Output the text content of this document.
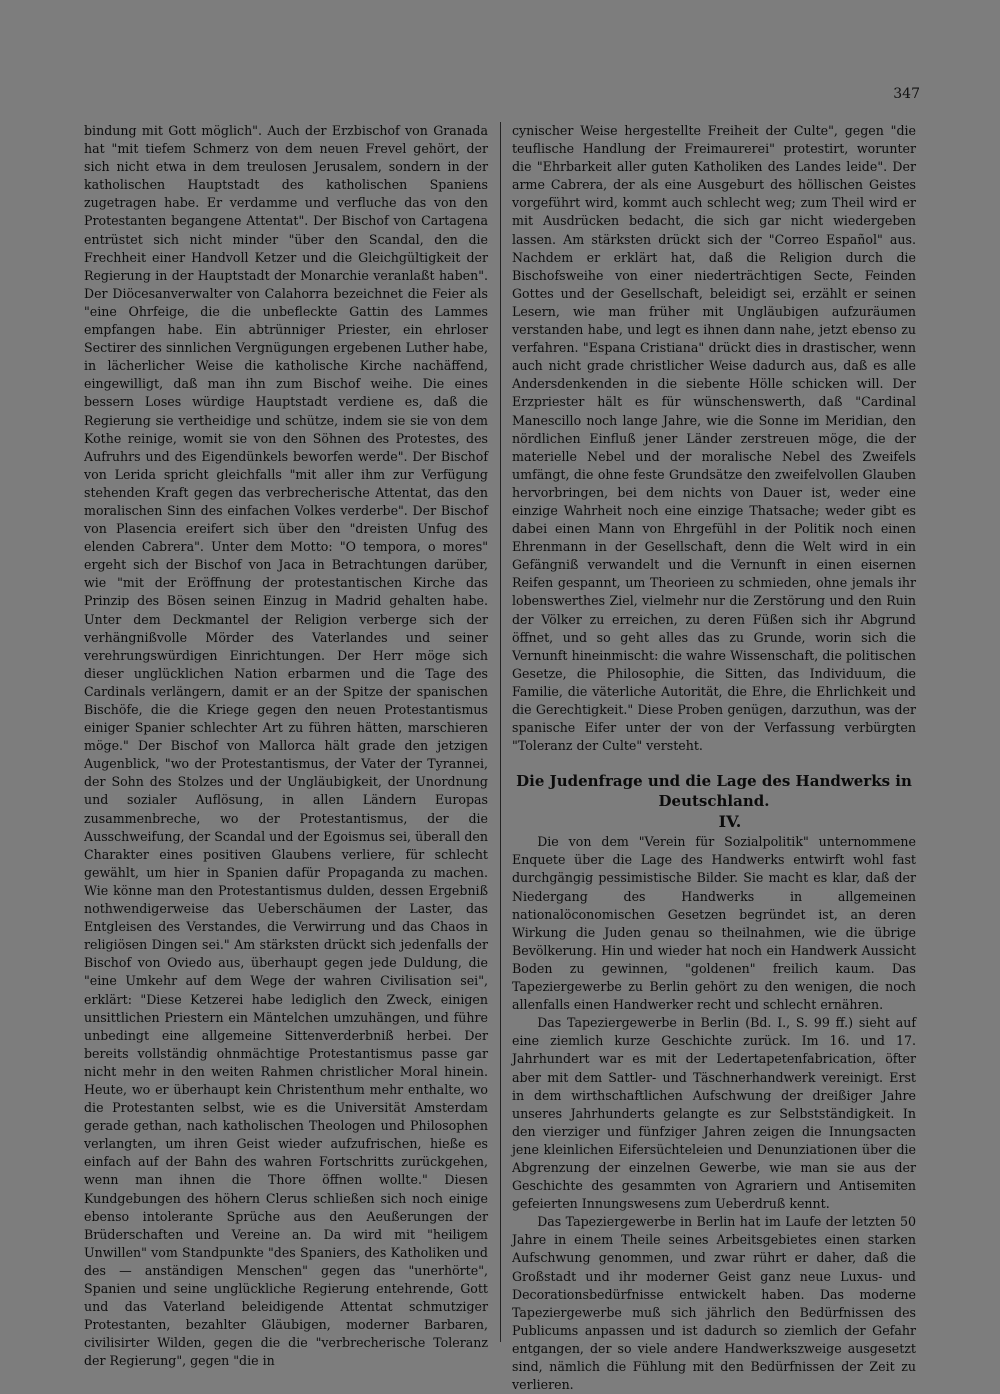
347

bindung mit Gott möglich". Auch der Erzbischof von Granada hat "mit tiefem Schmerz von dem neuen Frevel gehört, der sich nicht etwa in dem treulosen Jerusalem, sondern in der katholischen Hauptstadt des katholischen Spaniens zugetragen habe. Er verdamme und verfluche das von den Protestanten begangene Attentat". Der Bischof von Cartagena entrüstet sich nicht minder "über den Scandal, den die Frechheit einer Handvoll Ketzer und die Gleichgültigkeit der Regierung in der Hauptstadt der Monarchie veranlaßt haben". Der Diöcesanverwalter von Calahorra bezeichnet die Feier als "eine Ohrfeige, die die unbefleckte Gattin des Lammes empfangen habe. Ein abtrünniger Priester, ein ehrloser Sectirer des sinnlichen Vergnügungen ergebenen Luther habe, in lächerlicher Weise die katholische Kirche nachäffend, eingewilligt, daß man ihn zum Bischof weihe. Die eines bessern Loses würdige Hauptstadt verdiene es, daß die Regierung sie vertheidige und schütze, indem sie sie von dem Kothe reinige, womit sie von den Söhnen des Protestes, des Aufruhrs und des Eigendünkels beworfen werde". Der Bischof von Lerida spricht gleichfalls "mit aller ihm zur Verfügung stehenden Kraft gegen das verbrecherische Attentat, das den moralischen Sinn des einfachen Volkes verderbe". Der Bischof von Plasencia ereifert sich über den "dreisten Unfug des elenden Cabrera". Unter dem Motto: "O tempora, o mores" ergeht sich der Bischof von Jaca in Betrachtungen darüber, wie "mit der Eröffnung der protestantischen Kirche das Prinzip des Bösen seinen Einzug in Madrid gehalten habe. Unter dem Deckmantel der Religion verberge sich der verhängnißvolle Mörder des Vaterlandes und seiner verehrungswürdigen Einrichtungen. Der Herr möge sich dieser unglücklichen Nation erbarmen und die Tage des Cardinals verlängern, damit er an der Spitze der spanischen Bischöfe, die die Kriege gegen den neuen Protestantismus einiger Spanier schlechter Art zu führen hätten, marschieren möge." Der Bischof von Mallorca hält grade den jetzigen Augenblick, "wo der Protestantismus, der Vater der Tyrannei, der Sohn des Stolzes und der Ungläubigkeit, der Unordnung und sozialer Auflösung, in allen Ländern Europas zusammenbreche, wo der Protestantismus, der die Ausschweifung, der Scandal und der Egoismus sei, überall den Charakter eines positiven Glaubens verliere, für schlecht gewählt, um hier in Spanien dafür Propaganda zu machen. Wie könne man den Protestantismus dulden, dessen Ergebniß nothwendigerweise das Ueberschäumen der Laster, das Entgleisen des Verstandes, die Verwirrung und das Chaos in religiösen Dingen sei." Am stärksten drückt sich jedenfalls der Bischof von Oviedo aus, überhaupt gegen jede Duldung, die "eine Umkehr auf dem Wege der wahren Civilisation sei", erklärt: "Diese Ketzerei habe lediglich den Zweck, einigen unsittlichen Priestern ein Mäntelchen umzuhängen, und führe unbedingt eine allgemeine Sittenverderbniß herbei. Der bereits vollständig ohnmächtige Protestantismus passe gar nicht mehr in den weiten Rahmen christlicher Moral hinein. Heute, wo er überhaupt kein Christenthum mehr enthalte, wo die Protestanten selbst, wie es die Universität Amsterdam gerade gethan, nach katholischen Theologen und Philosophen verlangten, um ihren Geist wieder aufzufrischen, hieße es einfach auf der Bahn des wahren Fortschritts zurückgehen, wenn man ihnen die Thore öffnen wollte." Diesen Kundgebungen des höhern Clerus schließen sich noch einige ebenso intolerante Sprüche aus den Aeußerungen der Brüderschaften und Vereine an. Da wird mit "heiligem Unwillen" vom Standpunkte "des Spaniers, des Katholiken und des — anständigen Menschen" gegen das "unerhörte", Spanien und seine unglückliche Regierung entehrende, Gott und das Vaterland beleidigende Attentat schmutziger Protestanten, bezahlter Gläubigen, moderner Barbaren, civilisirter Wilden, gegen die die "verbrecherische Toleranz der Regierung", gegen "die in

cynischer Weise hergestellte Freiheit der Culte", gegen "die teuflische Handlung der Freimaurerei" protestirt, worunter die "Ehrbarkeit aller guten Katholiken des Landes leide". Der arme Cabrera, der als eine Ausgeburt des höllischen Geistes vorgeführt wird, kommt auch schlecht weg; zum Theil wird er mit Ausdrücken bedacht, die sich gar nicht wiedergeben lassen. Am stärksten drückt sich der "Correo Español" aus. Nachdem er erklärt hat, daß die Religion durch die Bischofsweihe von einer niederträchtigen Secte, Feinden Gottes und der Gesellschaft, beleidigt sei, erzählt er seinen Lesern, wie man früher mit Ungläubigen aufzuräumen verstanden habe, und legt es ihnen dann nahe, jetzt ebenso zu verfahren. "Espana Cristiana" drückt dies in drastischer, wenn auch nicht grade christlicher Weise dadurch aus, daß es alle Andersdenkenden in die siebente Hölle schicken will. Der Erzpriester hält es für wünschenswerth, daß "Cardinal Manescillo noch lange Jahre, wie die Sonne im Meridian, den nördlichen Einfluß jener Länder zerstreuen möge, die der materielle Nebel und der moralische Nebel des Zweifels umfängt, die ohne feste Grundsätze den zweifelvollen Glauben hervorbringen, bei dem nichts von Dauer ist, weder eine einzige Wahrheit noch eine einzige Thatsache; weder gibt es dabei einen Mann von Ehrgefühl in der Politik noch einen Ehrenmann in der Gesellschaft, denn die Welt wird in ein Gefängniß verwandelt und die Vernunft in einen eisernen Reifen gespannt, um Theorieen zu schmieden, ohne jemals ihr lobenswerthes Ziel, vielmehr nur die Zerstörung und den Ruin der Völker zu erreichen, zu deren Füßen sich ihr Abgrund öffnet, und so geht alles das zu Grunde, worin sich die Vernunft hineinmischt: die wahre Wissenschaft, die politischen Gesetze, die Philosophie, die Sitten, das Individuum, die Familie, die väterliche Autorität, die Ehre, die Ehrlichkeit und die Gerechtigkeit." Diese Proben genügen, darzuthun, was der spanische Eifer unter der von der Verfassung verbürgten "Toleranz der Culte" versteht.

Die Judenfrage und die Lage des Handwerks in Deutschland.

IV.

Die von dem "Verein für Sozialpolitik" unternommene Enquete über die Lage des Handwerks entwirft wohl fast durchgängig pessimistische Bilder. Sie macht es klar, daß der Niedergang des Handwerks in allgemeinen nationalöconomischen Gesetzen begründet ist, an deren Wirkung die Juden genau so theilnahmen, wie die übrige Bevölkerung. Hin und wieder hat noch ein Handwerk Aussicht Boden zu gewinnen, "goldenen" freilich kaum. Das Tapeziergewerbe zu Berlin gehört zu den wenigen, die noch allenfalls einen Handwerker recht und schlecht ernähren.

Das Tapeziergewerbe in Berlin (Bd. I., S. 99 ff.) sieht auf eine ziemlich kurze Geschichte zurück. Im 16. und 17. Jahrhundert war es mit der Ledertapetenfabrication, öfter aber mit dem Sattler- und Täschnerhandwerk vereinigt. Erst in dem wirthschaftlichen Aufschwung der dreißiger Jahre unseres Jahrhunderts gelangte es zur Selbstständigkeit. In den vierziger und fünfziger Jahren zeigen die Innungsacten jene kleinlichen Eifersüchteleien und Denunziationen über die Abgrenzung der einzelnen Gewerbe, wie man sie aus der Geschichte des gesammten von Agrariern und Antisemiten gefeierten Innungswesens zum Ueberdruß kennt.

Das Tapeziergewerbe in Berlin hat im Laufe der letzten 50 Jahre in einem Theile seines Arbeitsgebietes einen starken Aufschwung genommen, und zwar rührt er daher, daß die Großstadt und ihr moderner Geist ganz neue Luxus- und Decorationsbedürfnisse entwickelt haben. Das moderne Tapeziergewerbe muß sich jährlich den Bedürfnissen des Publicums anpassen und ist dadurch so ziemlich der Gefahr entgangen, der so viele andere Handwerkszweige ausgesetzt sind, nämlich die Fühlung mit den Bedürfnissen der Zeit zu verlieren.
